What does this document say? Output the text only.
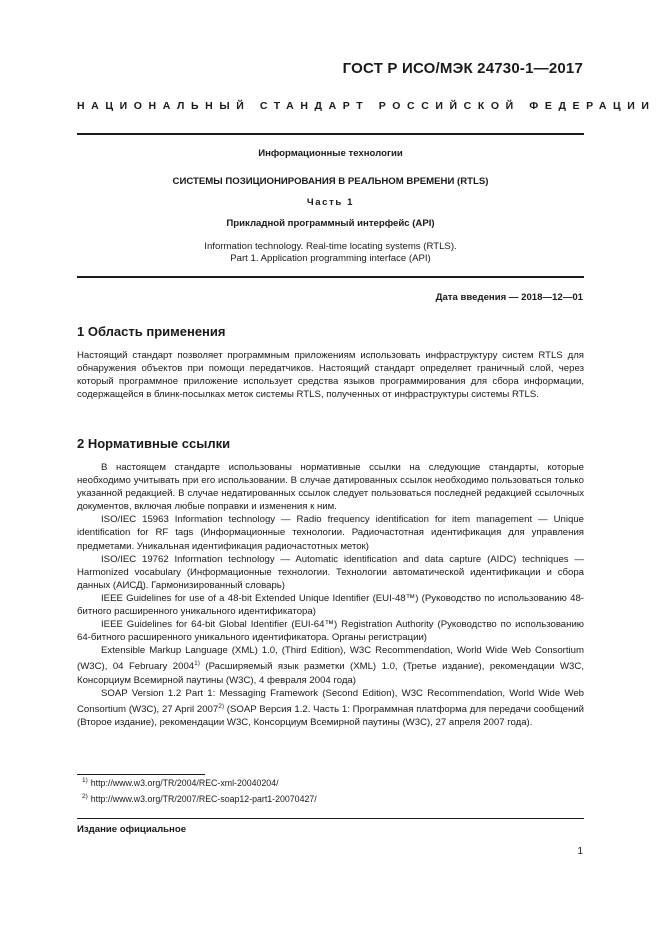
ГОСТ Р ИСО/МЭК 24730-1—2017
НАЦИОНАЛЬНЫЙ СТАНДАРТ РОССИЙСКОЙ ФЕДЕРАЦИИ
Информационные технологии
СИСТЕМЫ ПОЗИЦИОНИРОВАНИЯ В РЕАЛЬНОМ ВРЕМЕНИ (RTLS)
Часть 1
Прикладной программный интерфейс (API)
Information technology. Real-time locating systems (RTLS).
Part 1. Application programming interface (API)
Дата введения — 2018—12—01
1 Область применения

Настоящий стандарт позволяет программным приложениям использовать инфраструктуру систем RTLS для обнаружения объектов при помощи передатчиков. Настоящий стандарт определяет граничный слой, через который программное приложение использует средства языков программирования для сбора информации, содержащейся в блинк-посылках меток системы RTLS, полученных от инфраструктуры системы RTLS.

2 Нормативные ссылки

В настоящем стандарте использованы нормативные ссылки на следующие стандарты, которые необходимо учитывать при его использовании. В случае датированных ссылок необходимо пользоваться только указанной редакцией. В случае недатированных ссылок следует пользоваться последней редакцией ссылочных документов, включая любые поправки и изменения к ним.

ISO/IEC 15963 Information technology — Radio frequency identification for item management — Unique identification for RF tags (Информационные технологии. Радиочастотная идентификация для управления предметами. Уникальная идентификация радиочастотных меток)

ISO/IEC 19762 Information technology — Automatic identification and data capture (AIDC) techniques — Harmonized vocabulary (Информационные технологии. Технологии автоматической идентификации и сбора данных (АИСД). Гармонизированный словарь)

IEEE Guidelines for use of a 48-bit Extended Unique Identifier (EUI-48™) (Руководство по использованию 48-битного расширенного уникального идентификатора)

IEEE Guidelines for 64-bit Global Identifier (EUI-64™) Registration Authority (Руководство по использованию 64-битного расширенного уникального идентификатора. Органы регистрации)

Extensible Markup Language (XML) 1.0, (Third Edition), W3C Recommendation, World Wide Web Consortium (W3C), 04 February 2004$^{1)}$ (Расширяемый язык разметки (XML) 1.0, (Третье издание), рекомендации W3C, Консорциум Всемирной паутины (W3C), 4 февраля 2004 года)

SOAP Version 1.2 Part 1: Messaging Framework (Second Edition), W3C Recommendation, World Wide Web Consortium (W3C), 27 April 2007$^{2)}$ (SOAP Версия 1.2. Часть 1: Программная платформа для передачи сообщений (Второе издание), рекомендации W3C, Консорциум Всемирной паутины (W3C), 27 апреля 2007 года).

$^{1)}$ http://www.w3.org/TR/2004/REC-xml-20040204/
$^{2)}$ http://www.w3.org/TR/2007/REC-soap12-part1-20070427/
Издание официальное
1
